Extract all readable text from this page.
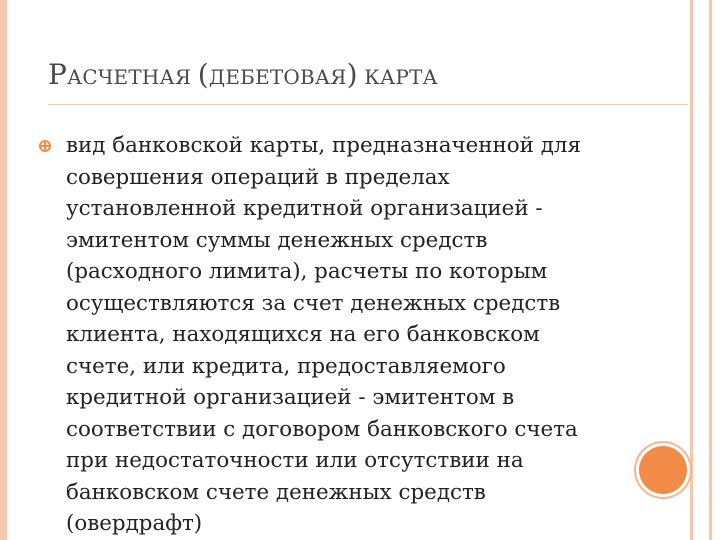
РАСЧЕТНАЯ (ДЕБЕТОВАЯ) КАРТА
вид банковской карты, предназначенной для
совершения операций в пределах
установленной кредитной организацией ‑
эмитентом суммы денежных средств
(расходного лимита), расчеты по которым
осуществляются за счет денежных средств
клиента, находящихся на его банковском
счете, или кредита, предоставляемого
кредитной организацией - эмитентом в
соответствии с договором банковского счета
при недостаточности или отсутствии на
банковском счете денежных средств
(овердрафт)
